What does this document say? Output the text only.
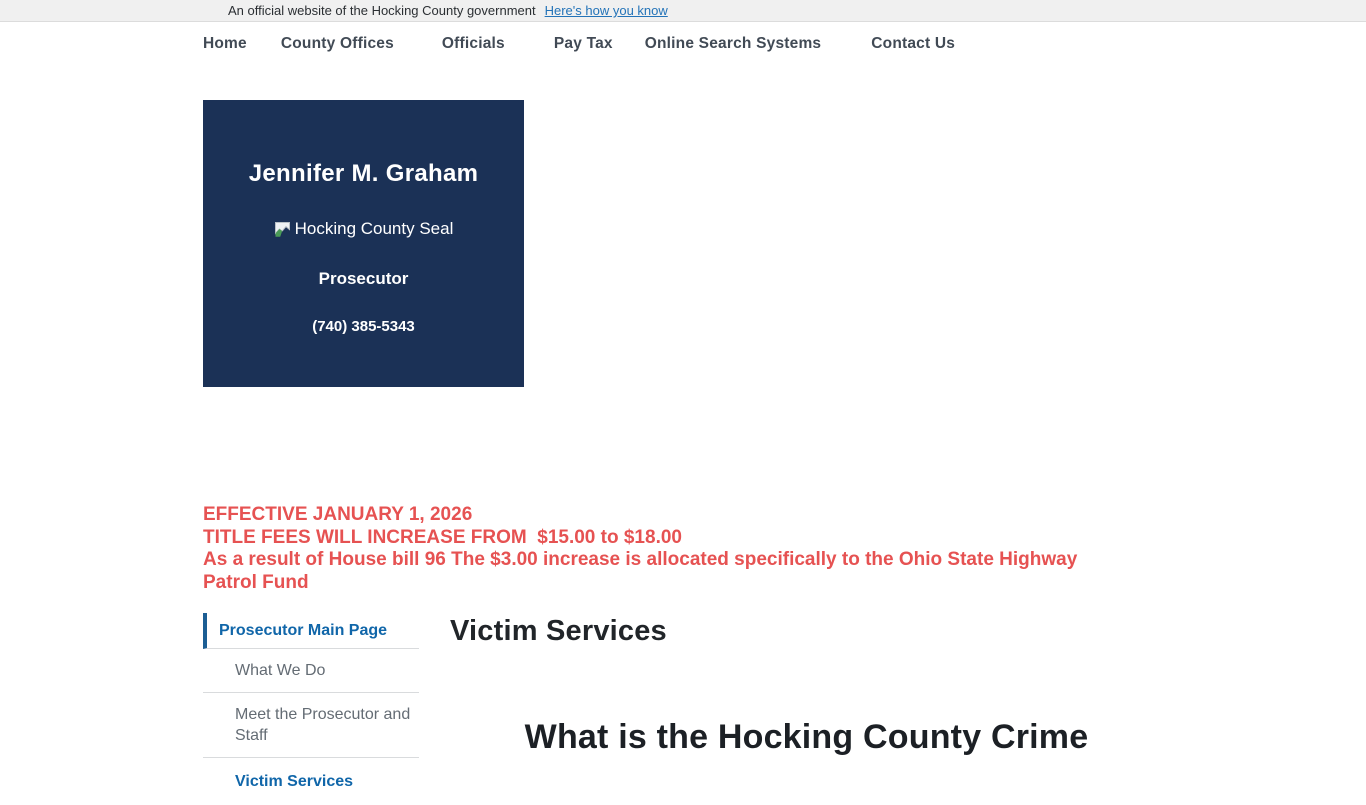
An official website of the Hocking County government Here's how you know
Home County Offices	Officials	Pay Tax Online Search Systems	Contact Us
Jennifer M. Graham
Hocking County Seal
Prosecutor
(740) 385-5343
EFFECTIVE JANUARY 1, 2026
TITLE FEES WILL INCREASE FROM  $15.00 to $18.00
As a result of House bill 96 The $3.00 increase is allocated specifically to the Ohio State Highway Patrol Fund
Prosecutor Main Page
What We Do
Meet the Prosecutor and Staff
Victim Services
Victim Services
What is the Hocking County Crime
